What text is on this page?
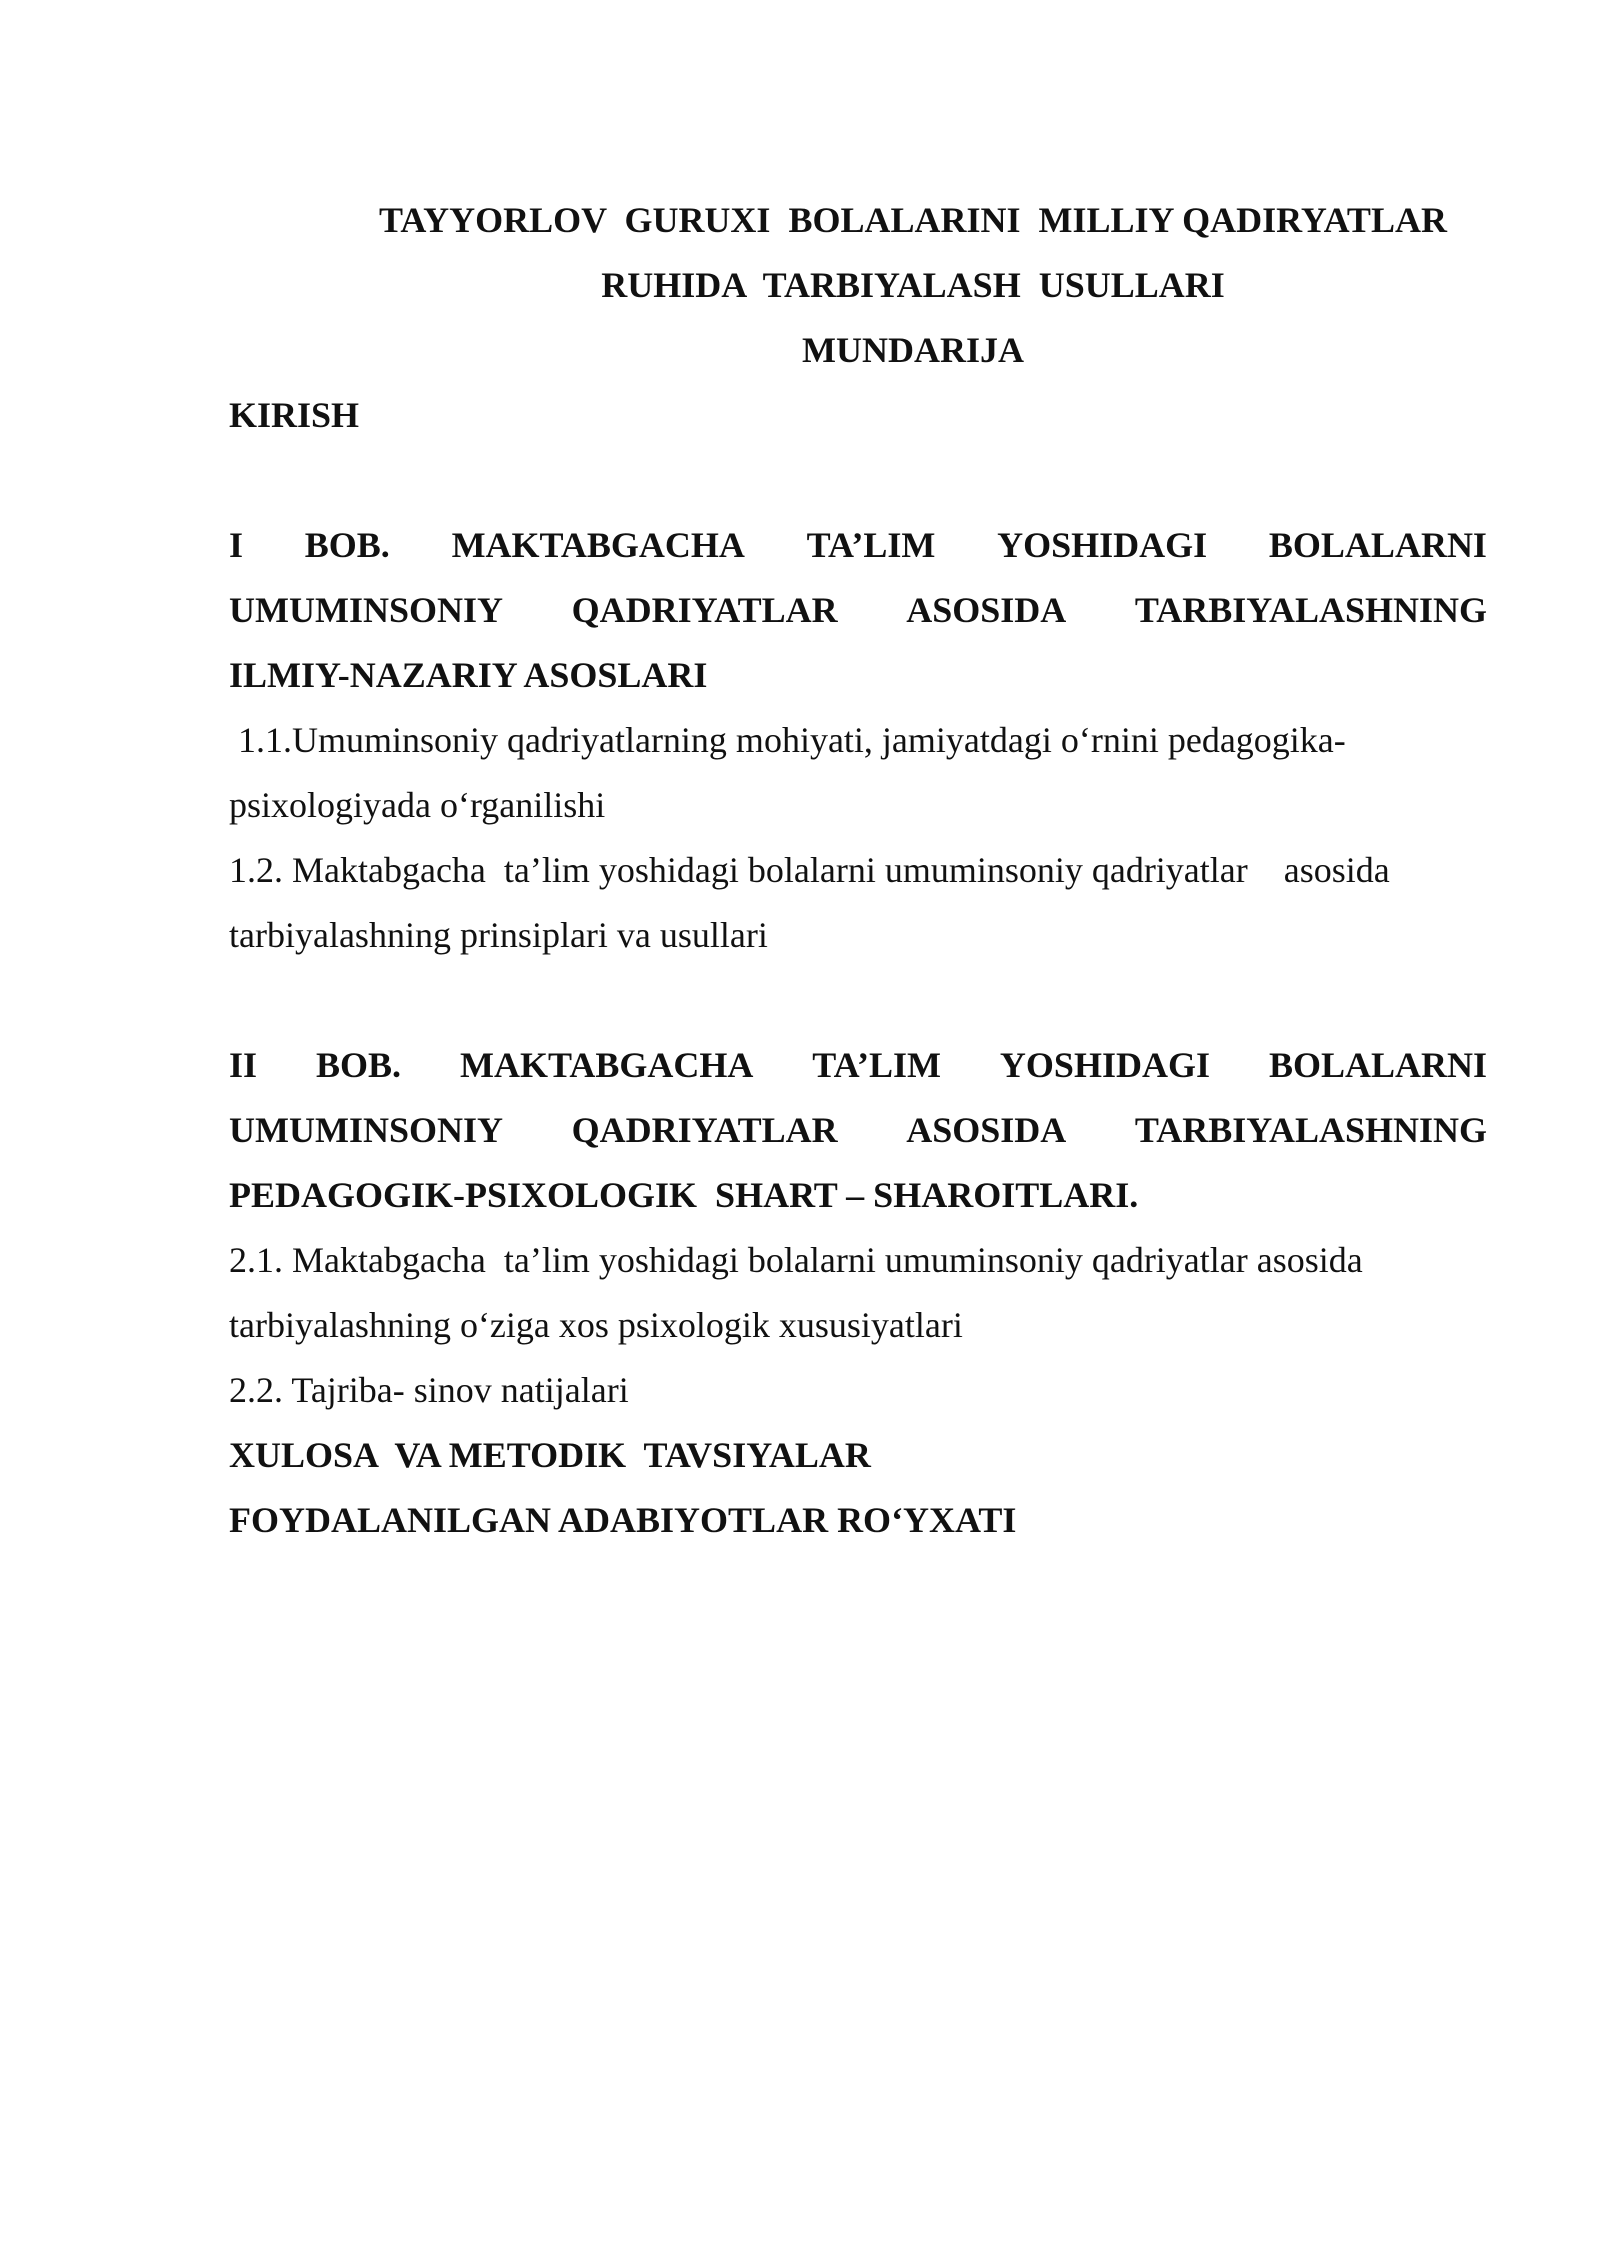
TAYYORLOV  GURUXI  BOLALARINI  MILLIY QADIRYATLAR
RUHIDA  TARBIYALASH  USULLARI
MUNDARIJA
KIRISH
I BOB. MAKTABGACHA TA’LIM YOSHIDAGI BOLALARNI
UMUMINSONIY QADRIYATLAR ASOSIDA TARBIYALASHNING
ILMIY-NAZARIY ASOSLARI
1.1.Umuminsoniy qadriyatlarning mohiyati, jamiyatdagi o‘rnini pedagogika-
psixologiyada o‘rganilishi
1.2. Maktabgacha  ta’lim yoshidagi bolalarni umuminsoniy qadriyatlar    asosida
tarbiyalashning prinsiplari va usullari
II BOB. MAKTABGACHA TA’LIM YOSHIDAGI BOLALARNI
UMUMINSONIY QADRIYATLAR ASOSIDA TARBIYALASHNING
PEDAGOGIK-PSIXOLOGIK  SHART – SHAROITLARI.
2.1. Maktabgacha  ta’lim yoshidagi bolalarni umuminsoniy qadriyatlar asosida
tarbiyalashning o‘ziga xos psixologik xususiyatlari
2.2. Tajriba- sinov natijalari
XULOSA  VA METODIK  TAVSIYALAR
FOYDALANILGAN ADABIYOTLAR RO‘YXATI
